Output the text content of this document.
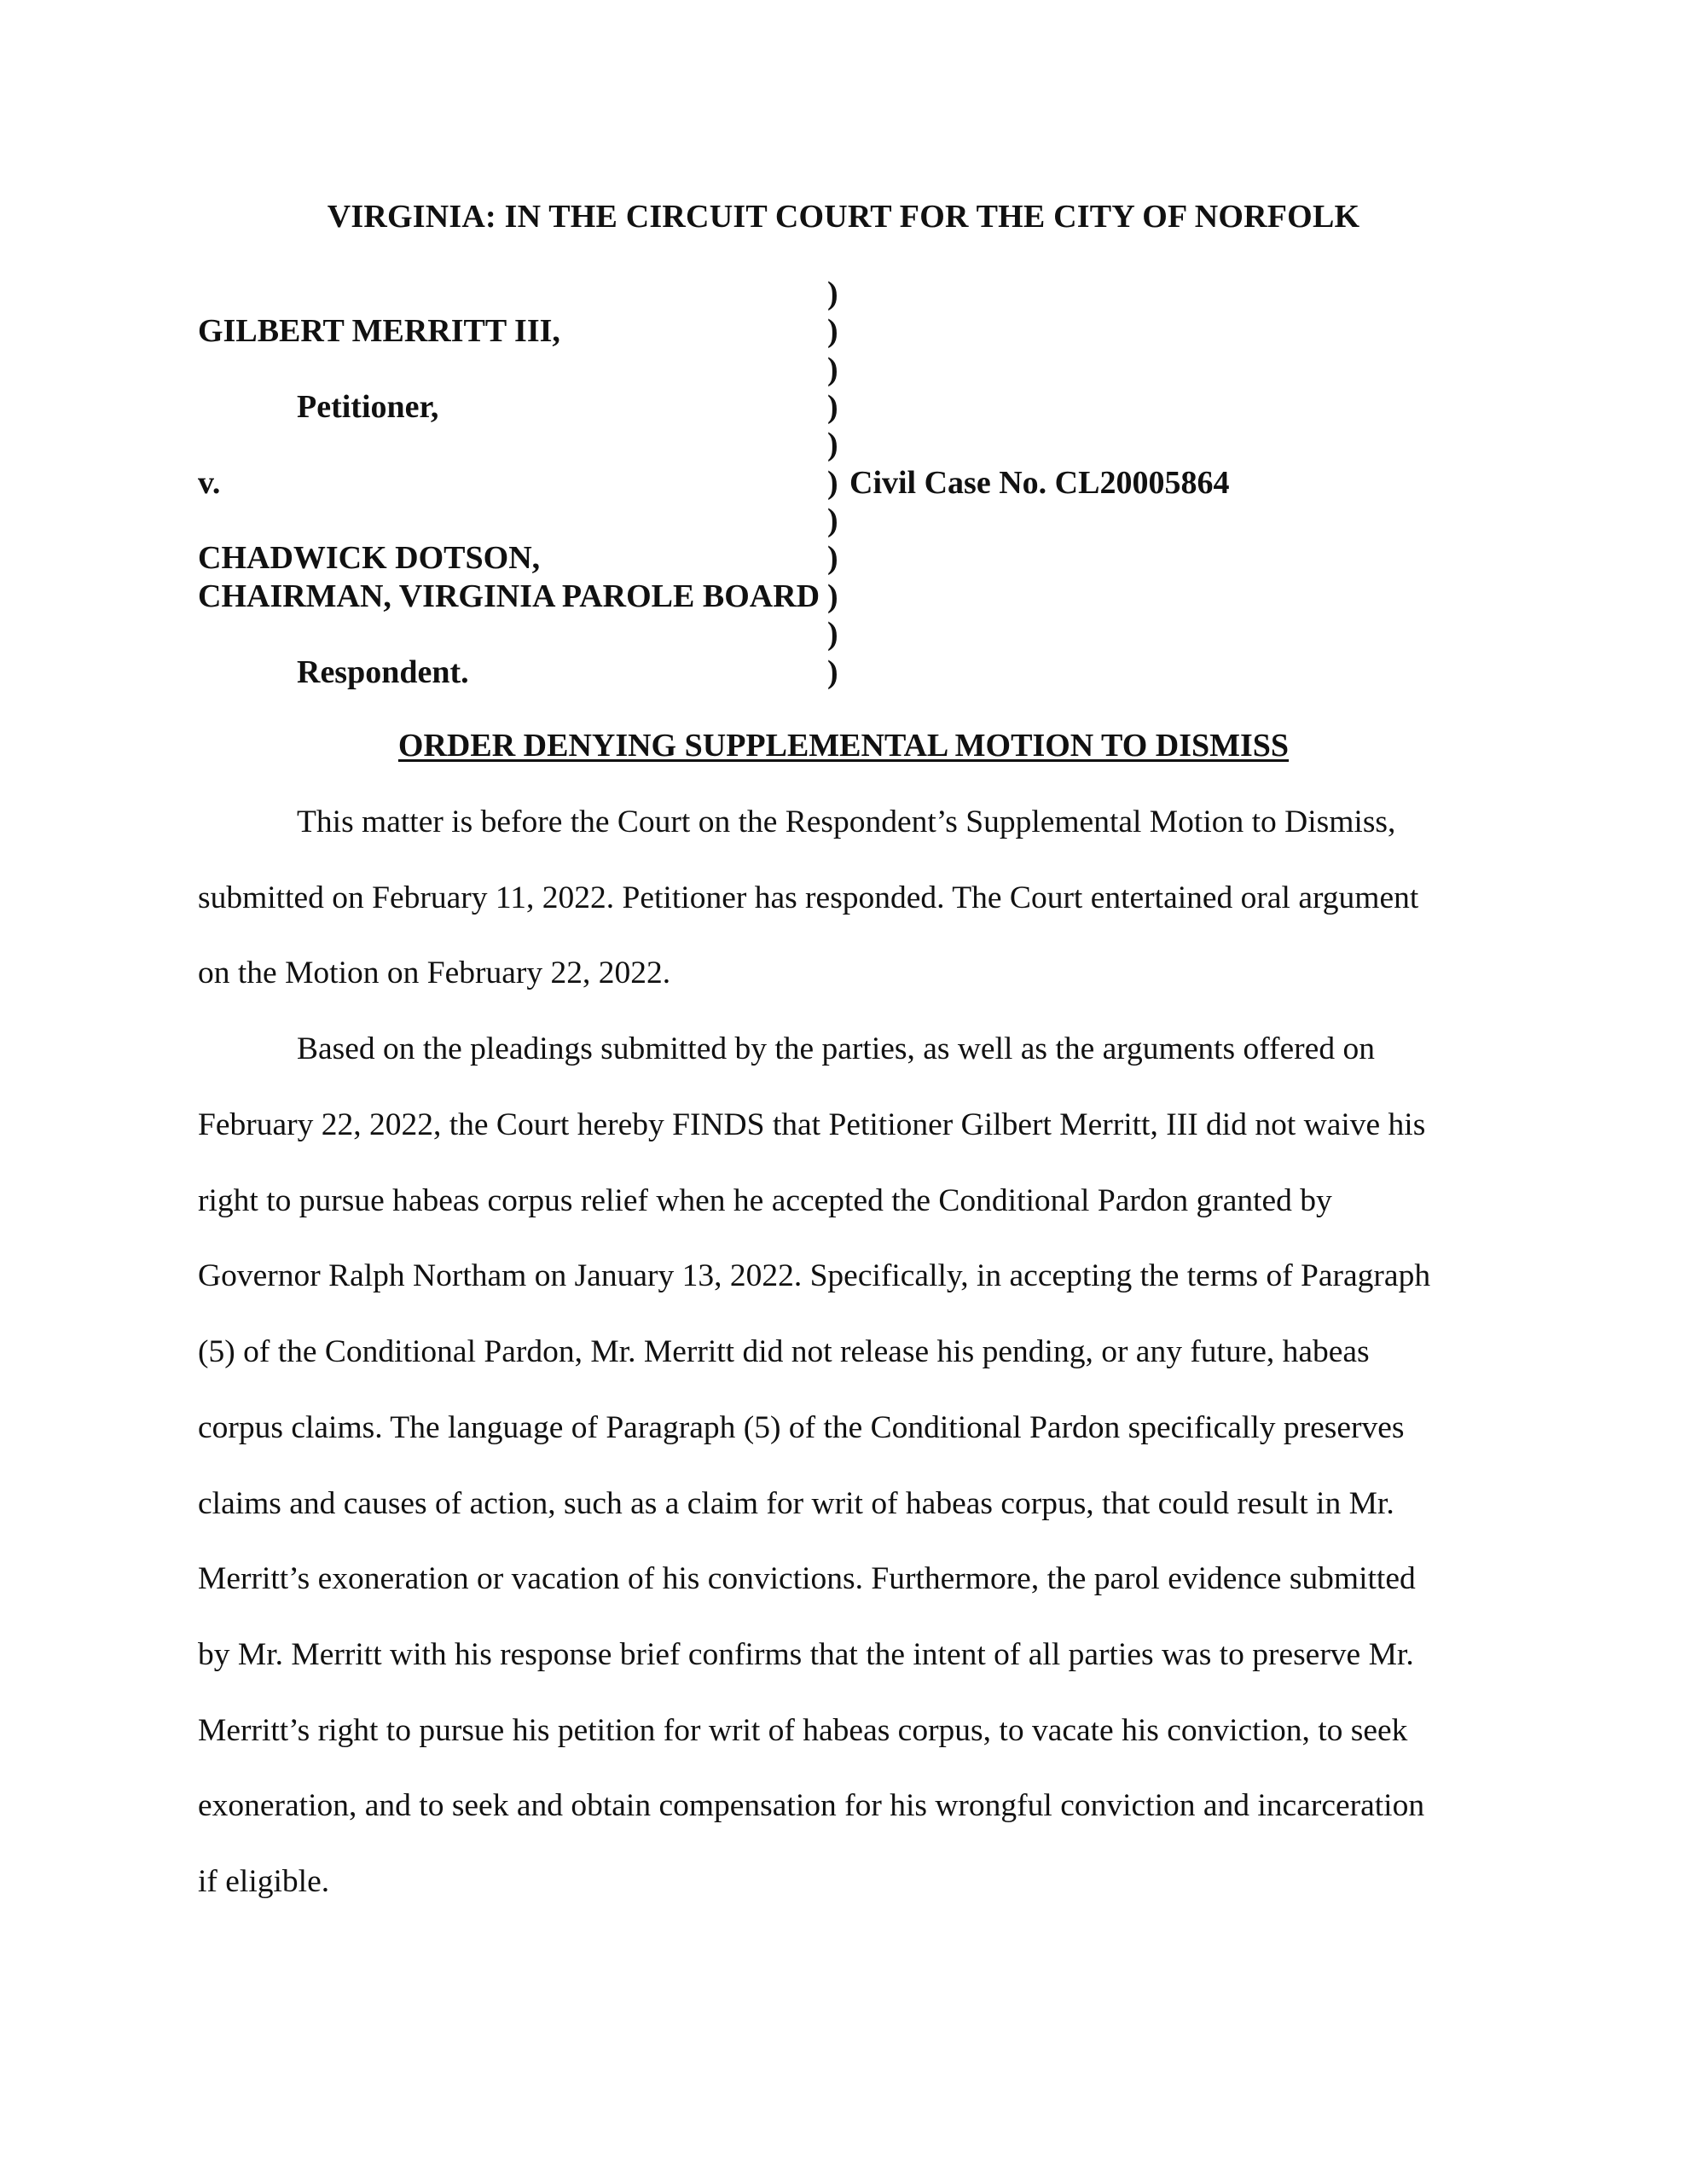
VIRGINIA: IN THE CIRCUIT COURT FOR THE CITY OF NORFOLK
GILBERT MERRITT III,
Petitioner,
v.
CHADWICK DOTSON,
CHAIRMAN, VIRGINIA PAROLE BOARD
Respondent.
)
)
)
)
)
)
)
)
)
)
)
Civil Case No. CL20005864
ORDER DENYING SUPPLEMENTAL MOTION TO DISMISS
This matter is before the Court on the Respondent’s Supplemental Motion to Dismiss,
submitted on February 11, 2022. Petitioner has responded. The Court entertained oral argument
on the Motion on February 22, 2022.
Based on the pleadings submitted by the parties, as well as the arguments offered on
February 22, 2022, the Court hereby FINDS that Petitioner Gilbert Merritt, III did not waive his
right to pursue habeas corpus relief when he accepted the Conditional Pardon granted by
Governor Ralph Northam on January 13, 2022. Specifically, in accepting the terms of Paragraph
(5) of the Conditional Pardon, Mr. Merritt did not release his pending, or any future, habeas
corpus claims. The language of Paragraph (5) of the Conditional Pardon specifically preserves
claims and causes of action, such as a claim for writ of habeas corpus, that could result in Mr.
Merritt’s exoneration or vacation of his convictions. Furthermore, the parol evidence submitted
by Mr. Merritt with his response brief confirms that the intent of all parties was to preserve Mr.
Merritt’s right to pursue his petition for writ of habeas corpus, to vacate his conviction, to seek
exoneration, and to seek and obtain compensation for his wrongful conviction and incarceration
if eligible.
